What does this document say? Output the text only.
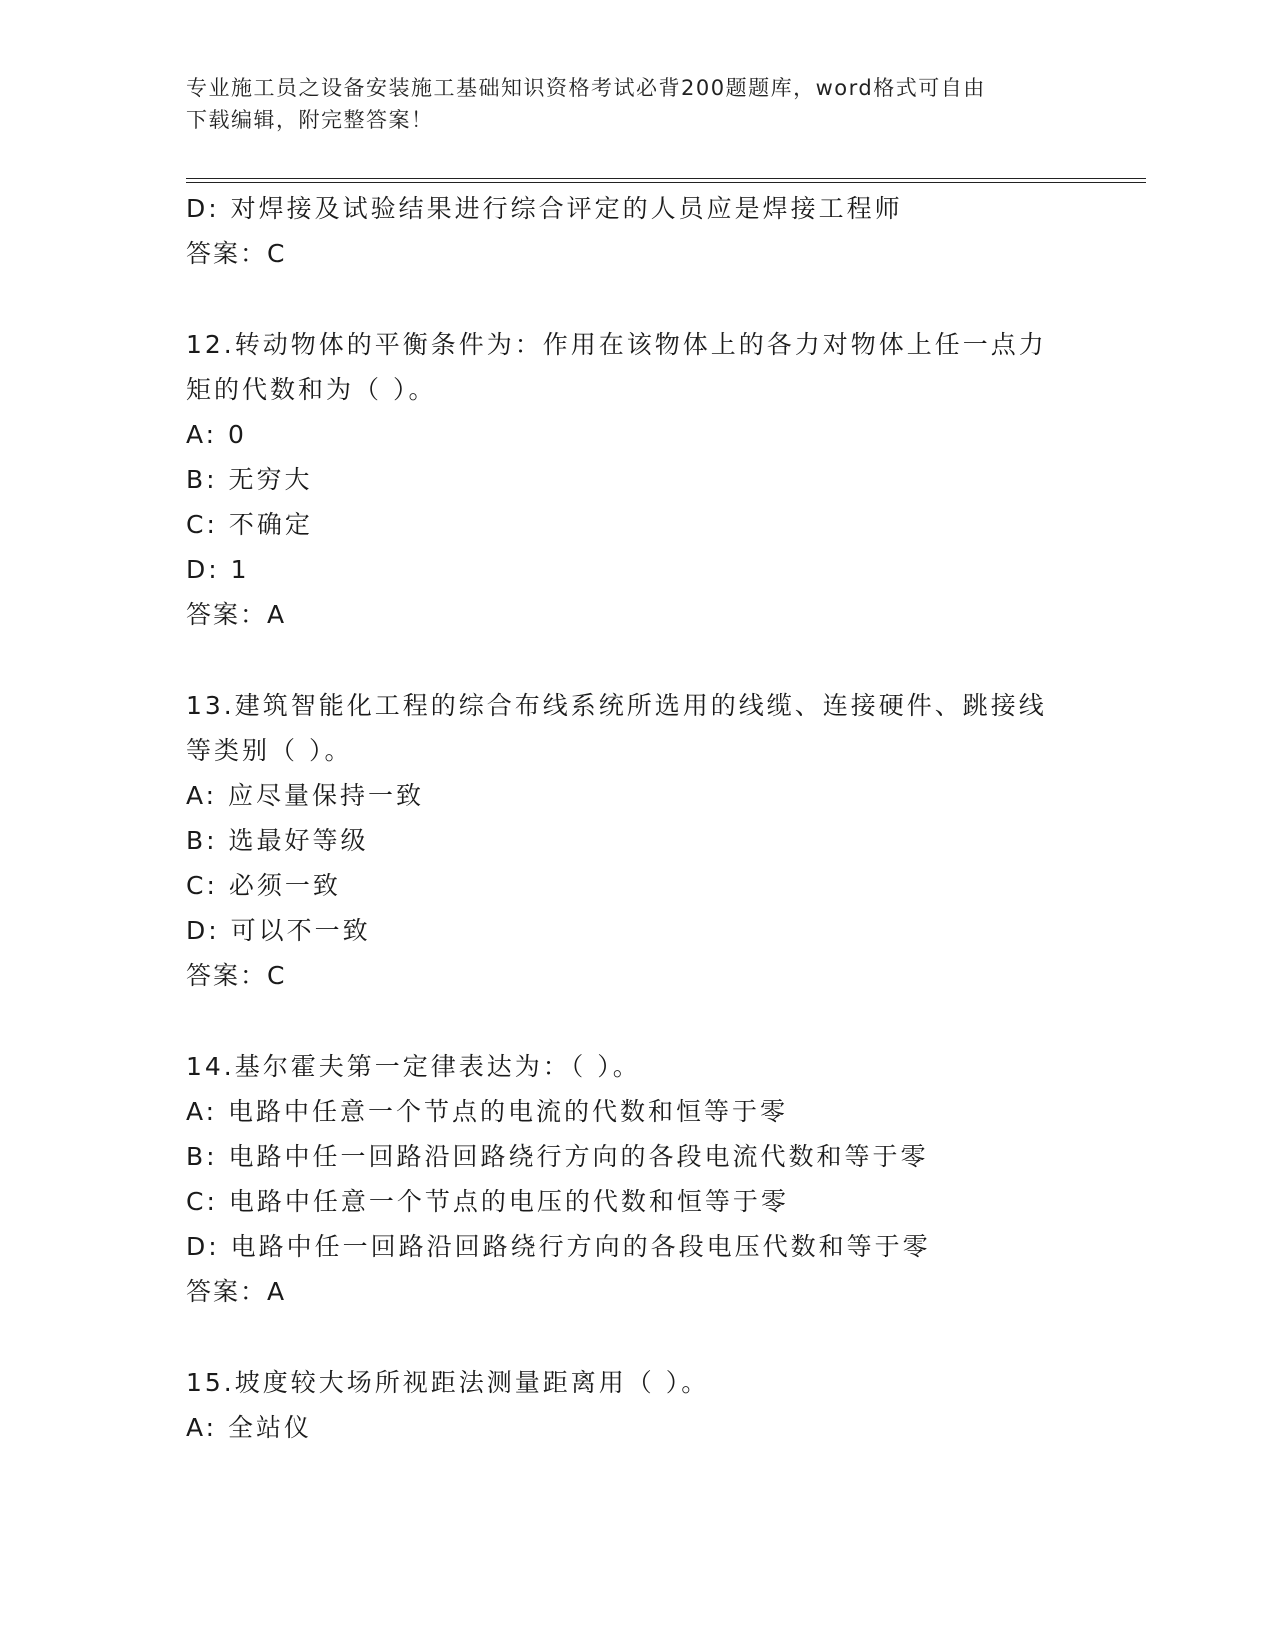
专业施工员之设备安装施工基础知识资格考试必背200题题库，word格式可自由
下载编辑，附完整答案！
D: 对焊接及试验结果进行综合评定的人员应是焊接工程师
答案：C
12.转动物体的平衡条件为：作用在该物体上的各力对物体上任一点力
矩的代数和为（ ）。
A: 0
B: 无穷大
C: 不确定
D: 1
答案：A
13.建筑智能化工程的综合布线系统所选用的线缆、连接硬件、跳接线
等类别（ ）。
A: 应尽量保持一致
B: 选最好等级
C: 必须一致
D: 可以不一致
答案：C
14.基尔霍夫第一定律表达为：（ ）。
A: 电路中任意一个节点的电流的代数和恒等于零
B: 电路中任一回路沿回路绕行方向的各段电流代数和等于零
C: 电路中任意一个节点的电压的代数和恒等于零
D: 电路中任一回路沿回路绕行方向的各段电压代数和等于零
答案：A
15.坡度较大场所视距法测量距离用（ ）。
A: 全站仪
